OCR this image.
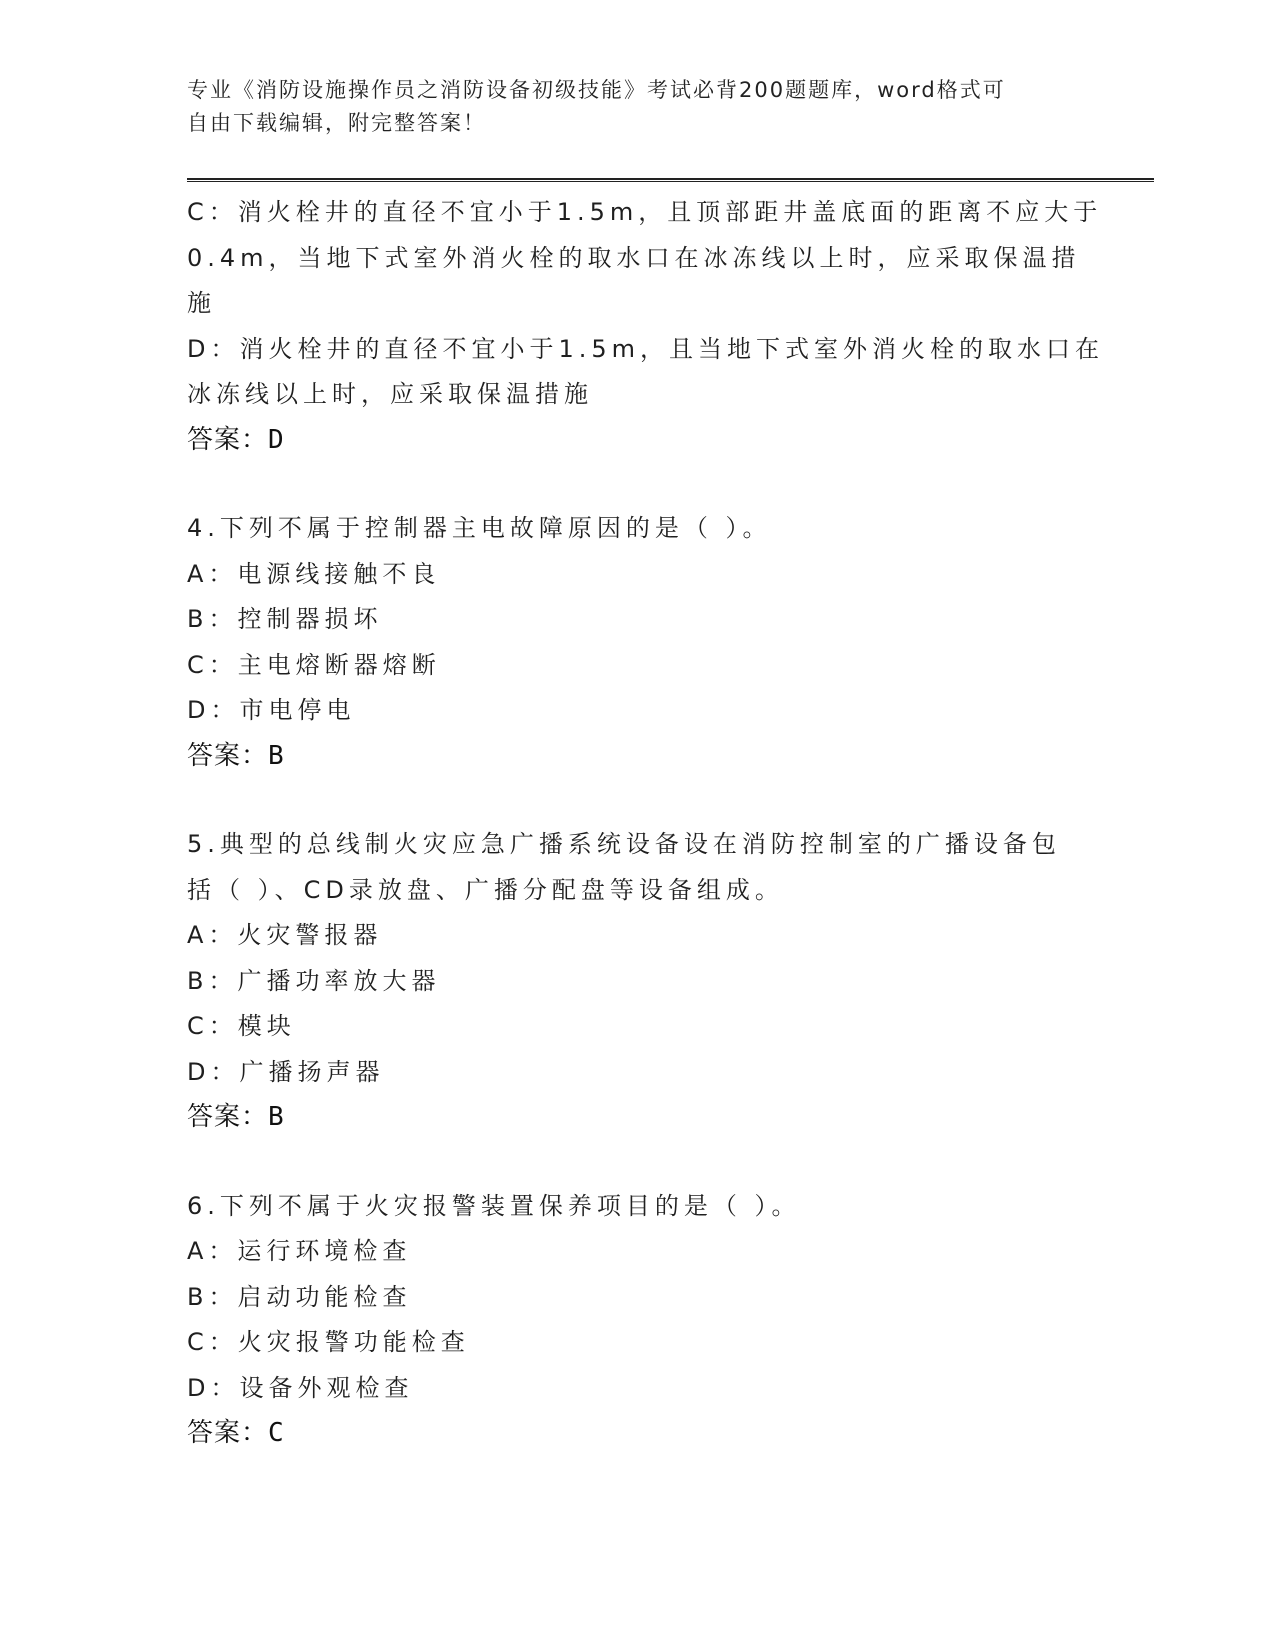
专业《消防设施操作员之消防设备初级技能》考试必背200题题库，word格式可
自由下载编辑，附完整答案！
C：消火栓井的直径不宜小于1.5m，且顶部距井盖底面的距离不应大于
0.4m，当地下式室外消火栓的取水口在冰冻线以上时，应采取保温措
施
D：消火栓井的直径不宜小于1.5m，且当地下式室外消火栓的取水口在
冰冻线以上时，应采取保温措施
答案：D
4.下列不属于控制器主电故障原因的是（ ）。
A：电源线接触不良
B：控制器损坏
C：主电熔断器熔断
D：市电停电
答案：B
5.典型的总线制火灾应急广播系统设备设在消防控制室的广播设备包
括（ ）、CD录放盘、广播分配盘等设备组成。
A：火灾警报器
B：广播功率放大器
C：模块
D：广播扬声器
答案：B
6.下列不属于火灾报警装置保养项目的是（ ）。
A：运行环境检查
B：启动功能检查
C：火灾报警功能检查
D：设备外观检查
答案：C
